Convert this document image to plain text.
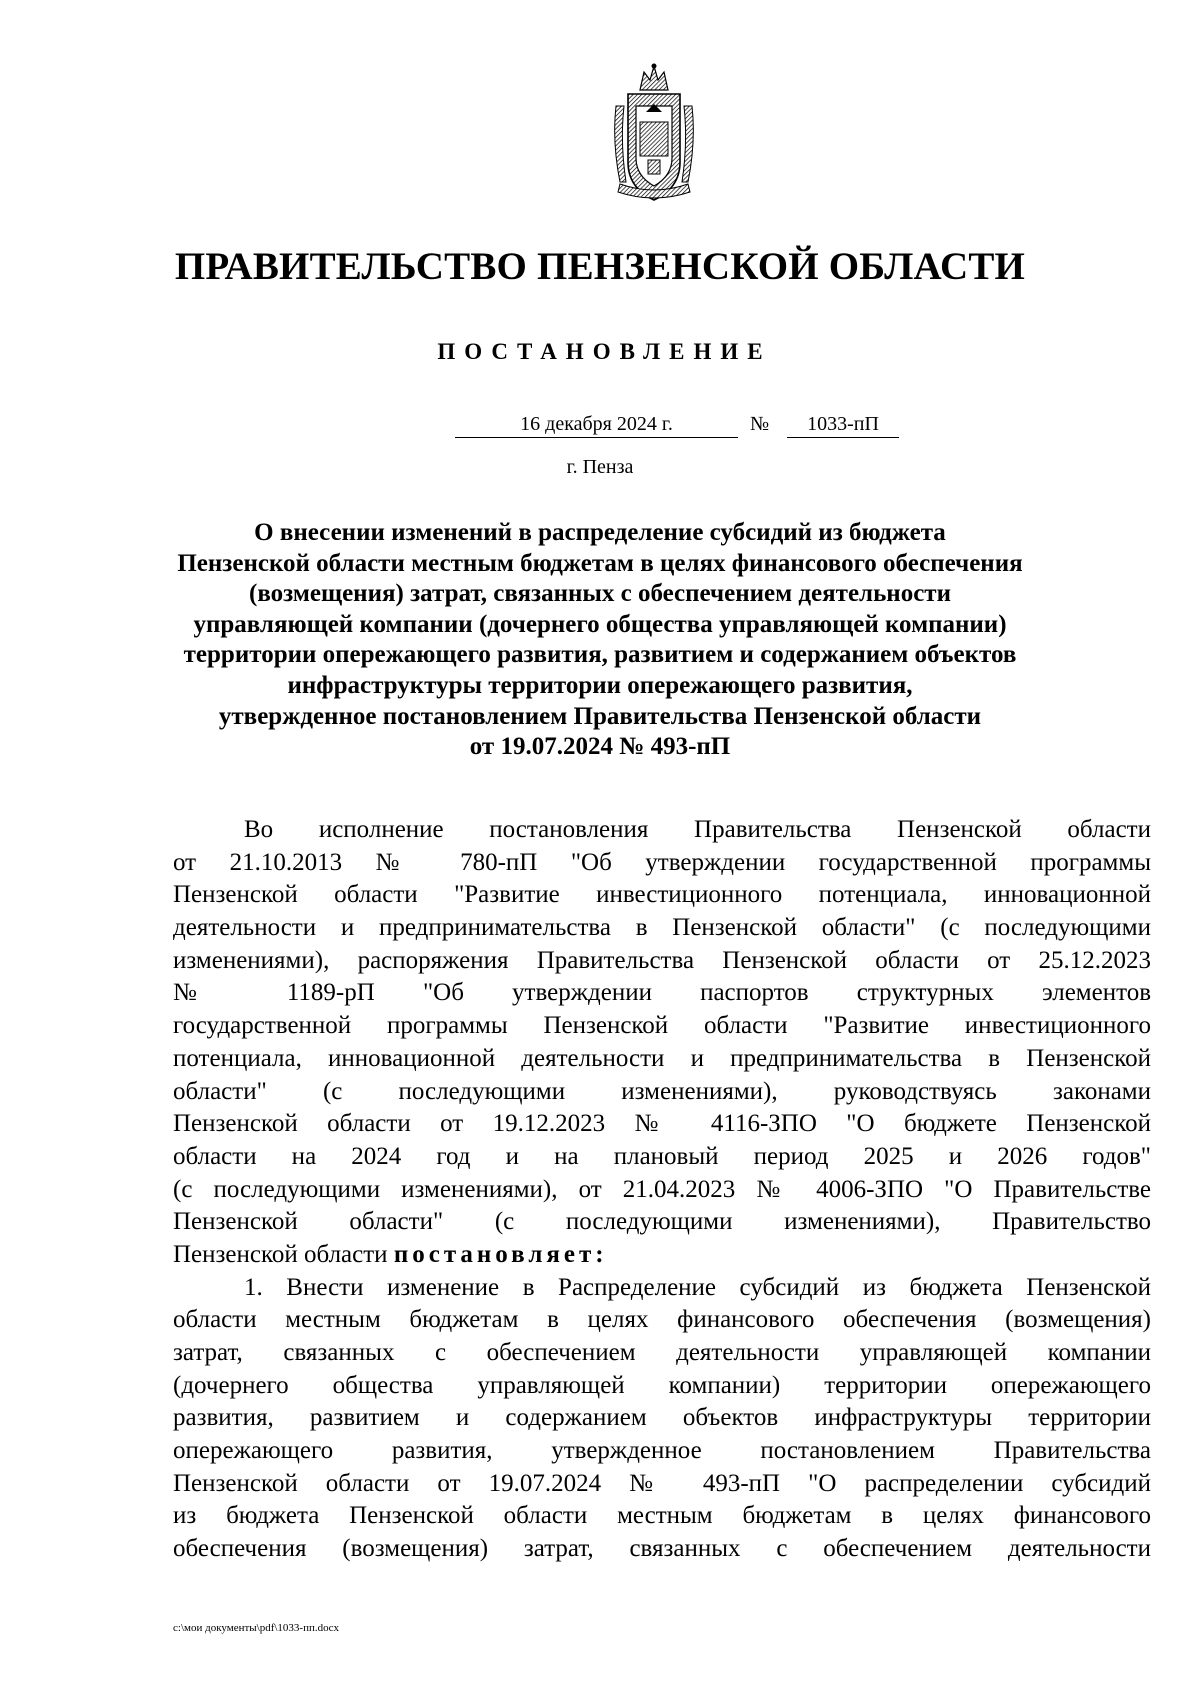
ПРАВИТЕЛЬСТВО ПЕНЗЕНСКОЙ ОБЛАСТИ
ПОСТАНОВЛЕНИЕ
16 декабря 2024 г.	№	1033-пП
г. Пенза
О внесении изменений в распределение субсидий из бюджета
Пензенской области местным бюджетам в целях финансового обеспечения
(возмещения) затрат, связанных с обеспечением деятельности
управляющей компании (дочернего общества управляющей компании)
территории опережающего развития, развитием и содержанием объектов
инфраструктуры территории опережающего развития,
утвержденное постановлением Правительства Пензенской области
от 19.07.2024 № 493-пП
Во исполнение постановления Правительства Пензенской области
от 21.10.2013 № 780-пП "Об утверждении государственной программы
Пензенской области "Развитие инвестиционного потенциала, инновационной
деятельности и предпринимательства в Пензенской области" (с последующими
изменениями), распоряжения Правительства Пензенской области от 25.12.2023
№ 1189-рП "Об утверждении паспортов структурных элементов
государственной программы Пензенской области "Развитие инвестиционного
потенциала, инновационной деятельности и предпринимательства в Пензенской
области" (с последующими изменениями), руководствуясь законами
Пензенской области от 19.12.2023 № 4116-ЗПО "О бюджете Пензенской
области на 2024 год и на плановый период 2025 и 2026 годов"
(с последующими изменениями), от 21.04.2023 № 4006-ЗПО "О Правительстве
Пензенской области" (с последующими изменениями), Правительство
Пензенской области постановляет:
1. Внести изменение в Распределение субсидий из бюджета Пензенской
области местным бюджетам в целях финансового обеспечения (возмещения)
затрат, связанных с обеспечением деятельности управляющей компании
(дочернего общества управляющей компании) территории опережающего
развития, развитием и содержанием объектов инфраструктуры территории
опережающего развития, утвержденное постановлением Правительства
Пензенской области от 19.07.2024 № 493-пП "О распределении субсидий
из бюджета Пензенской области местным бюджетам в целях финансового
обеспечения (возмещения) затрат, связанных с обеспечением деятельности
c:\мои документы\pdf\1033-пп.docx
